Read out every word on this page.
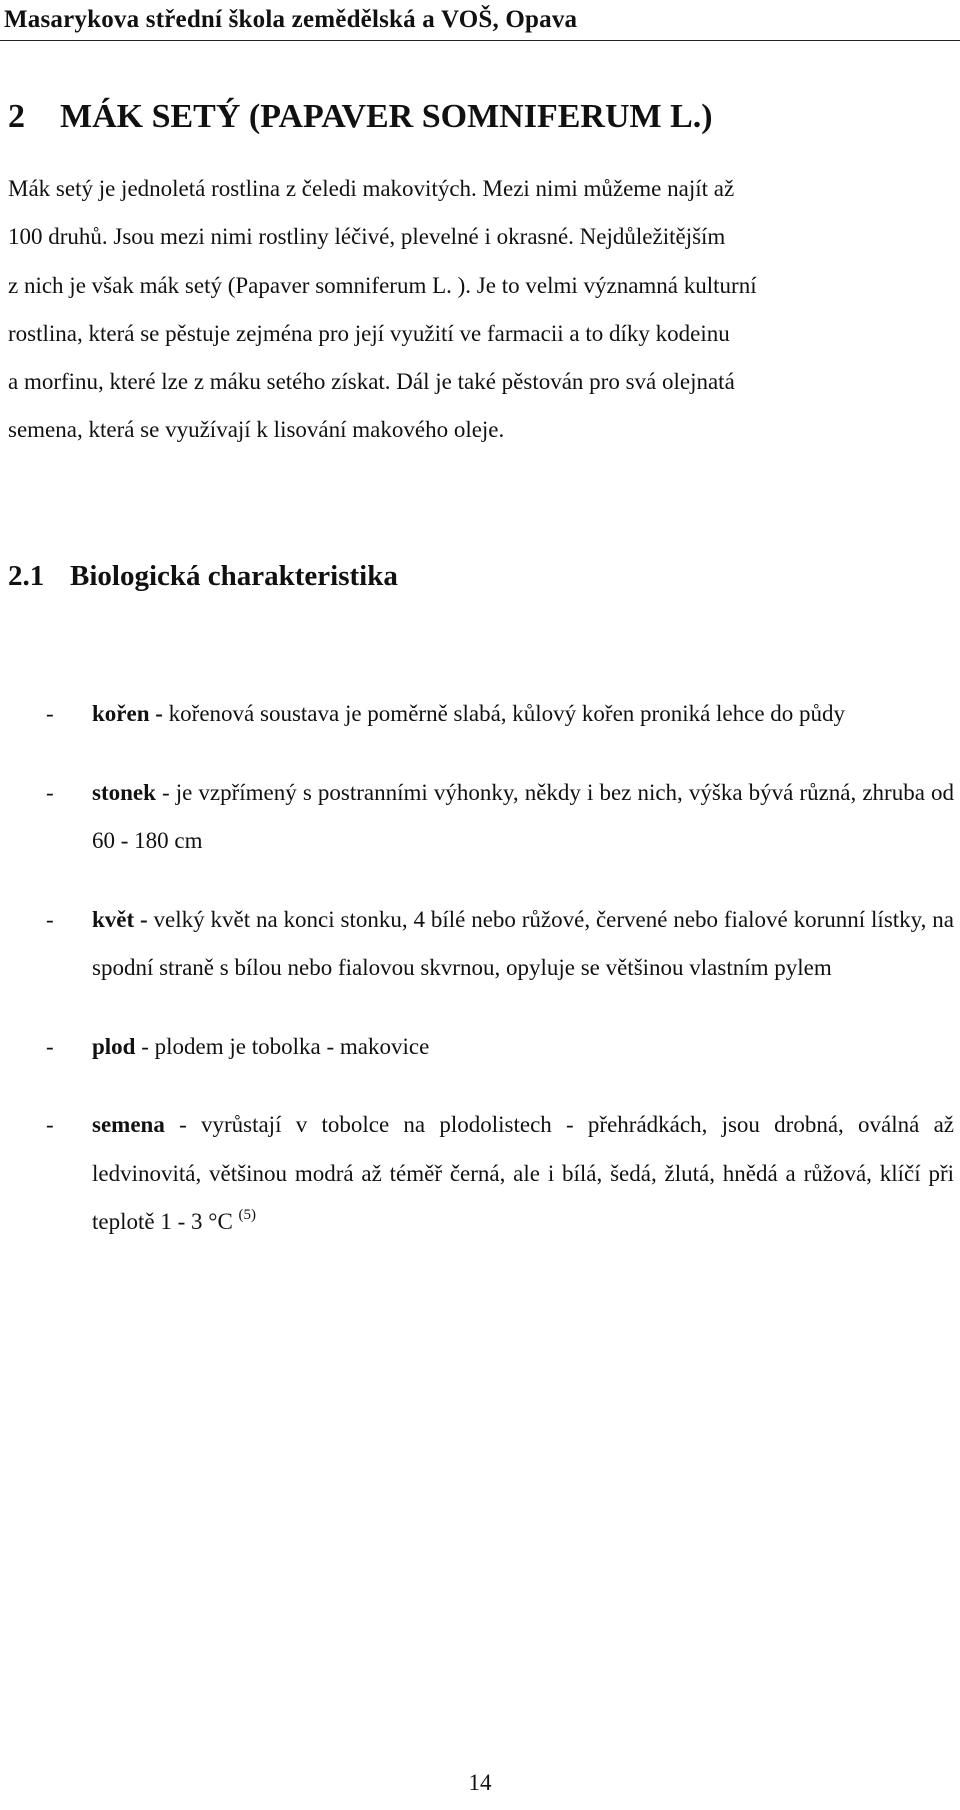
Masarykova střední škola zemědělská a VOŠ, Opava
2 MÁK SETÝ (PAPAVER SOMNIFERUM L.)
Mák setý je jednoletá rostlina z čeledi makovitých. Mezi nimi můžeme najít až
100 druhů. Jsou mezi nimi rostliny léčivé, plevelné i okrasné. Nejdůležitějším
z nich je však mák setý (Papaver somniferum L. ). Je to velmi významná kulturní
rostlina, která se pěstuje zejména pro její využití ve farmacii a to díky kodeinu
a morfinu, které lze z máku setého získat. Dál je také pěstován pro svá olejnatá
semena, která se využívají k lisování makového oleje.
2.1 Biologická charakteristika
- kořen - kořenová soustava je poměrně slabá, kůlový kořen proniká lehce do půdy
- stonek - je vzpřímený s postranními výhonky, někdy i bez nich, výška bývá různá, zhruba od 60 - 180 cm
- květ - velký květ na konci stonku, 4 bílé nebo růžové, červené nebo fialové korunní lístky, na spodní straně s bílou nebo fialovou skvrnou, opyluje se většinou vlastním pylem
- plod - plodem je tobolka - makovice
- semena - vyrůstají v tobolce na plodolistech - přehrádkách, jsou drobná, oválná až ledvinovitá, většinou modrá až téměř černá, ale i bílá, šedá, žlutá, hnědá a růžová, klíčí při teplotě 1 - 3 °C $^{(5)}$
14
